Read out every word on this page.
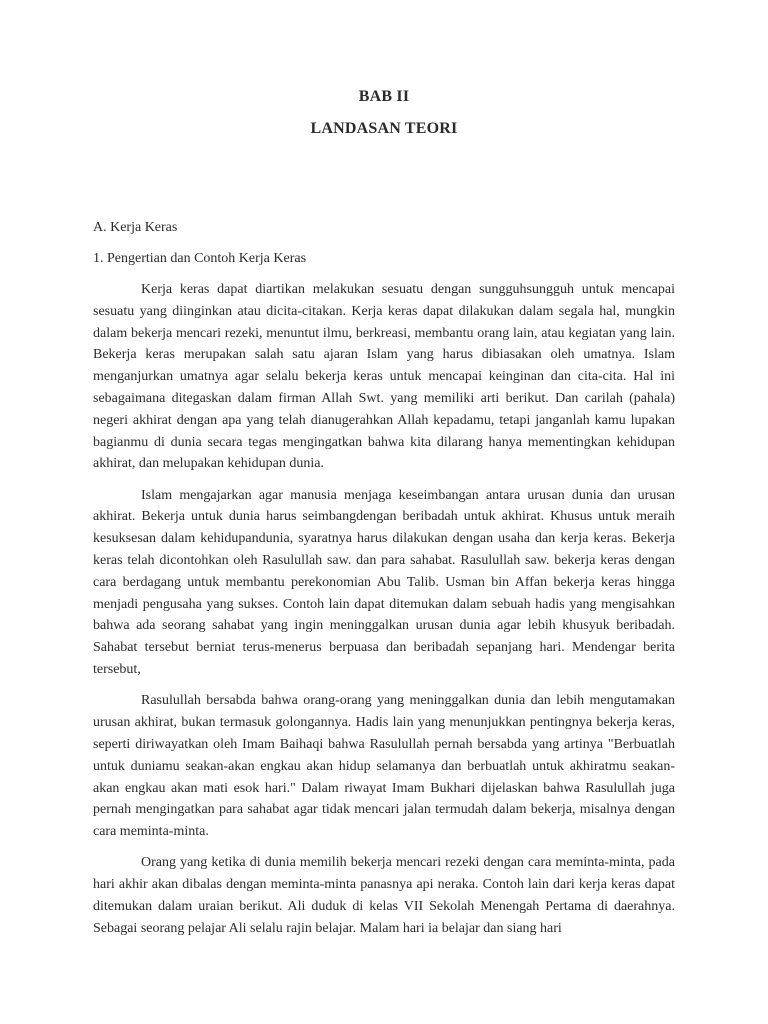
BAB II
LANDASAN TEORI

A. Kerja Keras

1. Pengertian dan Contoh Kerja Keras

Kerja keras dapat diartikan melakukan sesuatu dengan sungguhsungguh untuk mencapai sesuatu yang diinginkan atau dicita-citakan. Kerja keras dapat dilakukan dalam segala hal, mungkin dalam bekerja mencari rezeki, menuntut ilmu, berkreasi, membantu orang lain, atau kegiatan yang lain. Bekerja keras merupakan salah satu ajaran Islam yang harus dibiasakan oleh umatnya. Islam menganjurkan umatnya agar selalu bekerja keras untuk mencapai keinginan dan cita-cita. Hal ini sebagaimana ditegaskan dalam firman Allah Swt. yang memiliki arti berikut. Dan carilah (pahala) negeri akhirat dengan apa yang telah dianugerahkan Allah kepadamu, tetapi janganlah kamu lupakan bagianmu di dunia secara tegas mengingatkan bahwa kita dilarang hanya mementingkan kehidupan akhirat, dan melupakan kehidupan dunia.

Islam mengajarkan agar manusia menjaga keseimbangan antara urusan dunia dan urusan akhirat. Bekerja untuk dunia harus seimbangdengan beribadah untuk akhirat. Khusus untuk meraih kesuksesan dalam kehidupandunia, syaratnya harus dilakukan dengan usaha dan kerja keras. Bekerja keras telah dicontohkan oleh Rasulullah saw. dan para sahabat. Rasulullah saw. bekerja keras dengan cara berdagang untuk membantu perekonomian Abu Talib. Usman bin Affan bekerja keras hingga menjadi pengusaha yang sukses. Contoh lain dapat ditemukan dalam sebuah hadis yang mengisahkan bahwa ada seorang sahabat yang ingin meninggalkan urusan dunia agar lebih khusyuk beribadah. Sahabat tersebut berniat terus-menerus berpuasa dan beribadah sepanjang hari. Mendengar berita tersebut,

Rasulullah bersabda bahwa orang-orang yang meninggalkan dunia dan lebih mengutamakan urusan akhirat, bukan termasuk golongannya. Hadis lain yang menunjukkan pentingnya bekerja keras, seperti diriwayatkan oleh Imam Baihaqi bahwa Rasulullah pernah bersabda yang artinya "Berbuatlah untuk duniamu seakan-akan engkau akan hidup selamanya dan berbuatlah untuk akhiratmu seakan-akan engkau akan mati esok hari." Dalam riwayat Imam Bukhari dijelaskan bahwa Rasulullah juga pernah mengingatkan para sahabat agar tidak mencari jalan termudah dalam bekerja, misalnya dengan cara meminta-minta.

Orang yang ketika di dunia memilih bekerja mencari rezeki dengan cara meminta-minta, pada hari akhir akan dibalas dengan meminta-minta panasnya api neraka. Contoh lain dari kerja keras dapat ditemukan dalam uraian berikut. Ali duduk di kelas VII Sekolah Menengah Pertama di daerahnya. Sebagai seorang pelajar Ali selalu rajin belajar. Malam hari ia belajar dan siang hari
